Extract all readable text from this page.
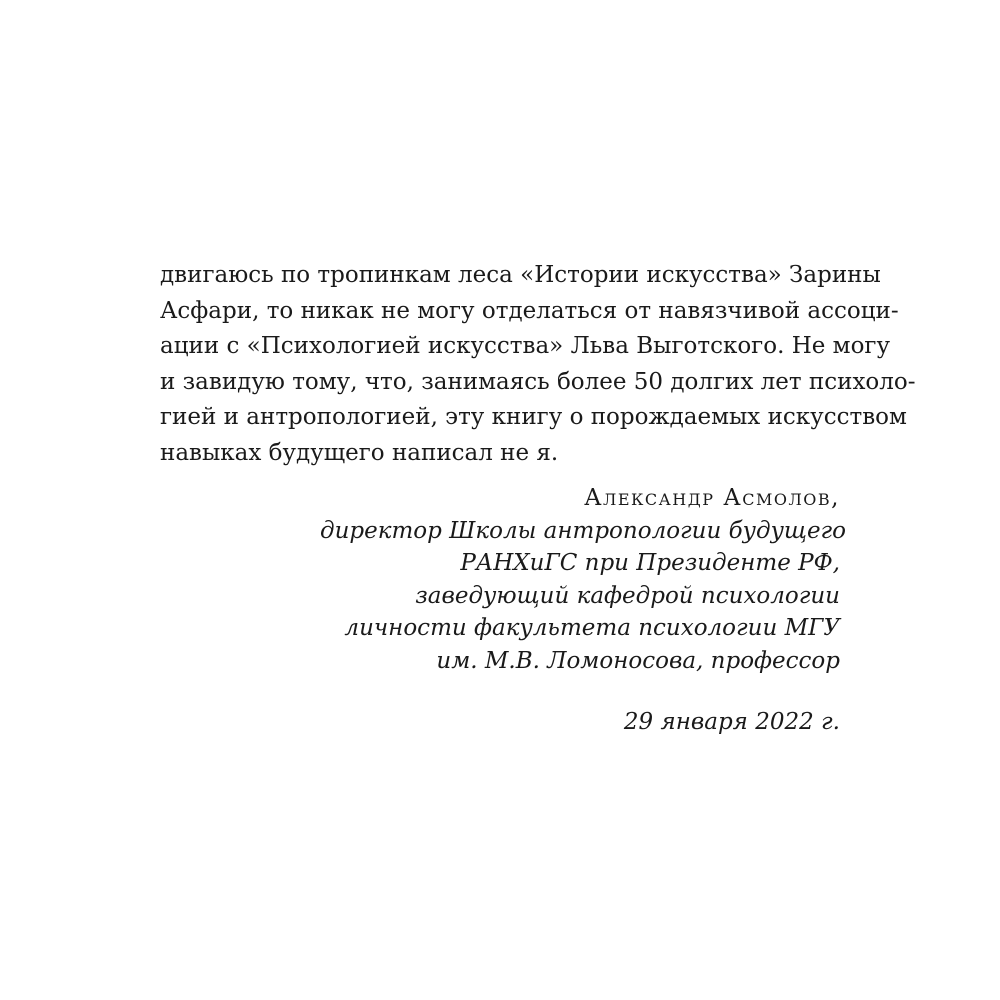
двигаюсь по тропинкам леса «Истории искусства» Зарины
Асфари, то никак не могу отделаться от навязчивой ассоци-
ации с «Психологией искусства» Льва Выготского. Не могу
и завидую тому, что, занимаясь более 50 долгих лет психоло-
гией и антропологией, эту книгу о порождаемых искусством
навыках будущего написал не я.
Александр Асмолов,
директор Школы антропологии будущего
РАНХиГС при Президенте РФ,
заведующий кафедрой психологии
личности факультета психологии МГУ
им. М.В. Ломоносова, профессор
29 января 2022 г.
